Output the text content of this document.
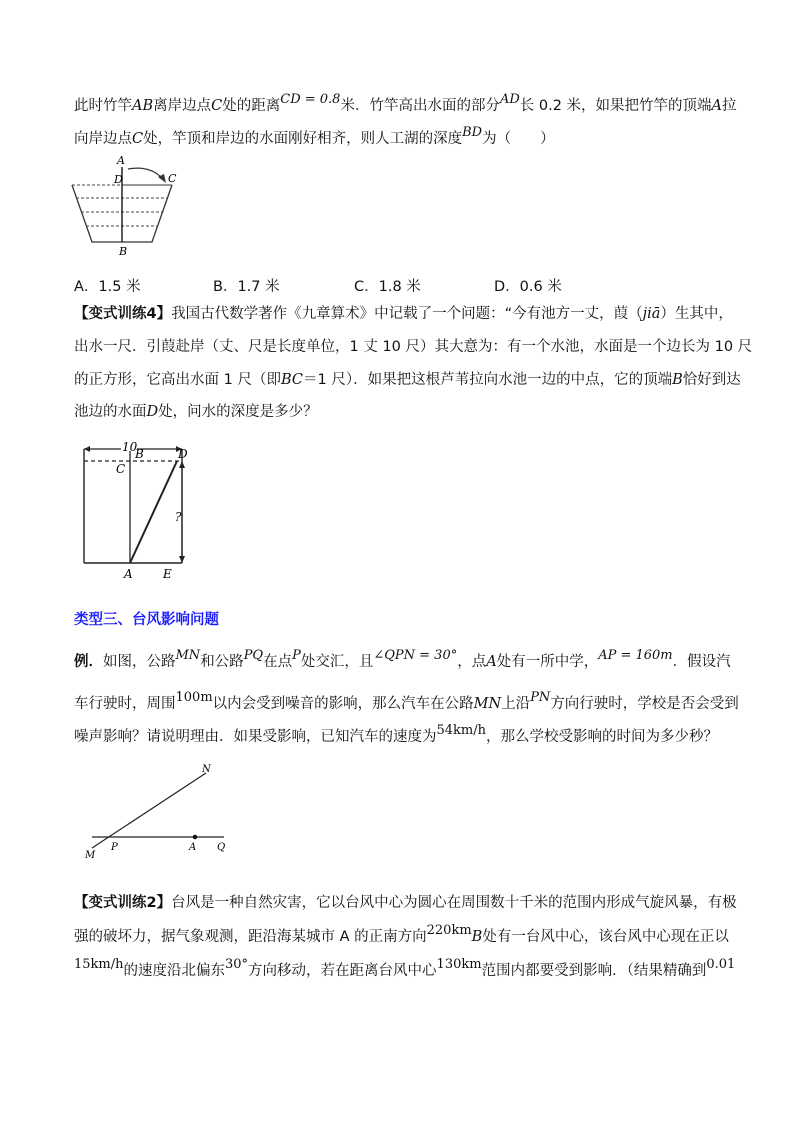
此时竹竿AB离岸边点C处的距离CD = 0.8米．竹竿高出水面的部分AD长 0.2 米，如果把竹竿的顶端A拉
向岸边点C处，竿顶和岸边的水面刚好相齐，则人工湖的深度BD为（　　）
A
D	C
B
A．1.5 米	B．1.7 米	C．1.8 米	D．0.6 米
【变式训练4】我国古代数学著作《九章算术》中记载了一个问题：“今有池方一丈，葭（jiā）生其中，
出水一尺．引葭赴岸（丈、尺是长度单位，1 丈 10 尺）其大意为：有一个水池，水面是一个边长为 10 尺
的正方形，它高出水面 1 尺（即BC＝1 尺）．如果把这根芦苇拉向水池一边的中点，它的顶端B恰好到达
池边的水面D处，问水的深度是多少？
10
B	D
C
?
A	E
类型三、台风影响问题
例．如图，公路MN和公路PQ在点P处交汇，且∠QPN = 30°，点A处有一所中学，AP = 160m．假设汽
车行驶时，周围100m以内会受到噪音的影响，那么汽车在公路MN上沿PN方向行驶时，学校是否会受到
噪声影响？请说明理由．如果受影响，已知汽车的速度为54km/h，那么学校受影响的时间为多少秒？
N
M
P	A Q
【变式训练2】台风是一种自然灾害，它以台风中心为圆心在周围数十千米的范围内形成气旋风暴，有极
强的破坏力，据气象观测，距沿海某城市 A 的正南方向220kmB处有一台风中心，该台风中心现在正以
15km/h的速度沿北偏东30°方向移动，若在距离台风中心130km范围内都要受到影响．（结果精确到0.01
